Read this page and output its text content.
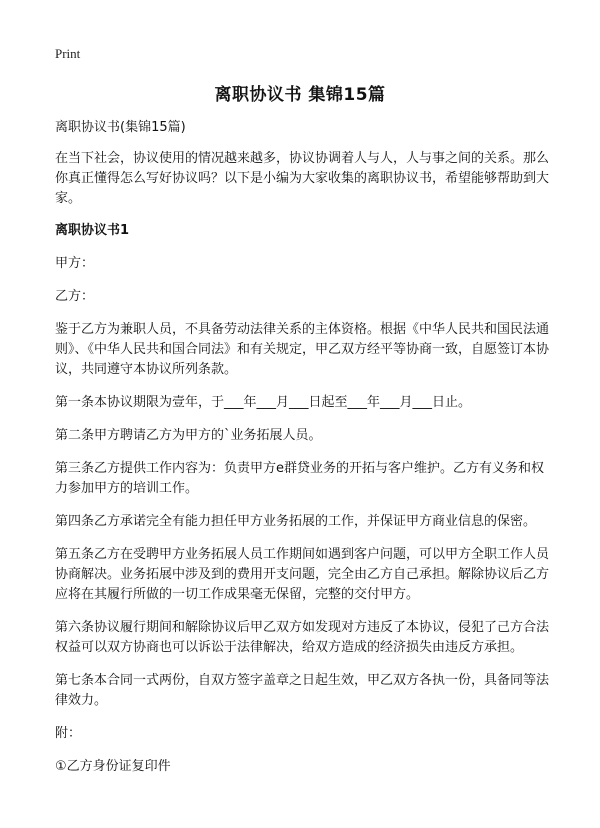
Print
离职协议书 集锦15篇

离职协议书(集锦15篇)

在当下社会，协议使用的情况越来越多，协议协调着人与人，人与事之间的关系。那么你真正懂得怎么写好协议吗？以下是小编为大家收集的离职协议书，希望能够帮助到大家。

离职协议书1

甲方：

乙方：

鉴于乙方为兼职人员，不具备劳动法律关系的主体资格。根据《中华人民共和国民法通则》、《中华人民共和国合同法》和有关规定，甲乙双方经平等协商一致，自愿签订本协议，共同遵守本协议所列条款。

第一条本协议期限为壹年，于___年___月___日起至___年___月___日止。

第二条甲方聘请乙方为甲方的`业务拓展人员。

第三条乙方提供工作内容为：负责甲方e群贷业务的开拓与客户维护。乙方有义务和权力参加甲方的培训工作。

第四条乙方承诺完全有能力担任甲方业务拓展的工作，并保证甲方商业信息的保密。

第五条乙方在受聘甲方业务拓展人员工作期间如遇到客户问题，可以甲方全职工作人员协商解决。业务拓展中涉及到的费用开支问题，完全由乙方自己承担。解除协议后乙方应将在其履行所做的一切工作成果毫无保留，完整的交付甲方。

第六条协议履行期间和解除协议后甲乙双方如发现对方违反了本协议，侵犯了己方合法权益可以双方协商也可以诉讼于法律解决，给双方造成的经济损失由违反方承担。

第七条本合同一式两份，自双方签字盖章之日起生效，甲乙双方各执一份，具备同等法律效力。

附：

①乙方身份证复印件
